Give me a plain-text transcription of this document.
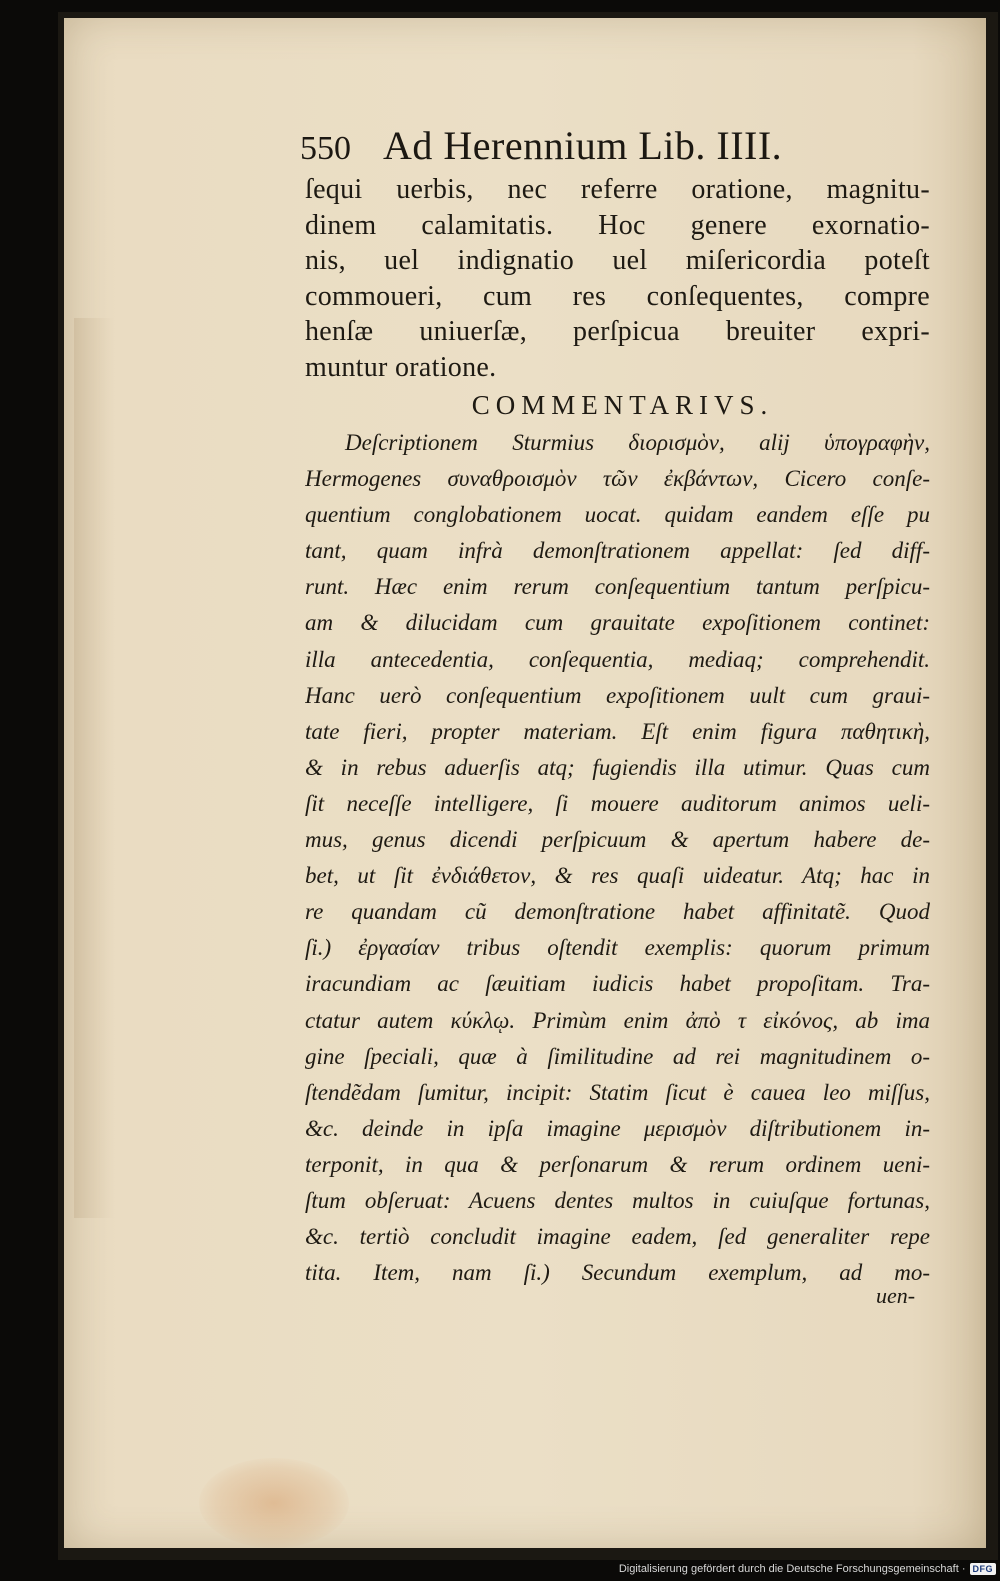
550 Ad Herennium Lib. IIII.
ſequi uerbis, nec referre oratione, magnitu-
dinem calamitatis. Hoc genere exornatio-
nis, uel indignatio uel miſericordia poteſt
commoueri, cum res conſequentes, compre
henſæ uniuerſæ, perſpicua breuiter expri-
muntur oratione.
COMMENTARIVS.
Deſcriptionem Sturmius διορισμὸν, alij ὑπογραφὴν,
Hermogenes συναθροισμὸν τῶν ἐκβάντων, Cicero conſe-
quentium conglobationem uocat. quidam eandem eſſe pu
tant, quam infrà demonſtrationem appellat: ſed diff-
runt. Hæc enim rerum conſequentium tantum perſpicu-
am & dilucidam cum grauitate expoſitionem continet:
illa antecedentia, conſequentia, mediaq; comprehendit.
Hanc uerò conſequentium expoſitionem uult cum graui-
tate fieri, propter materiam. Eſt enim figura παθητικὴ,
& in rebus aduerſis atq; fugiendis illa utimur. Quas cum
ſit neceſſe intelligere, ſi mouere auditorum animos ueli-
mus, genus dicendi perſpicuum & apertum habere de-
bet, ut ſit ἐνδιάθετον, & res quaſi uideatur. Atq; hac in
re quandam cũ demonſtratione habet affinitatẽ. Quod
ſi.) ἐργασίαν tribus oſtendit exemplis: quorum primum
iracundiam ac ſæuitiam iudicis habet propoſitam. Tra-
ctatur autem κύκλῳ. Primùm enim ἀπὸ τ εἰκόνος, ab ima
gine ſpeciali, quæ à ſimilitudine ad rei magnitudinem o-
ſtendẽdam ſumitur, incipit: Statim ſicut è cauea leo miſſus,
&c. deinde in ipſa imagine μερισμὸν diſtributionem in-
terponit, in qua & perſonarum & rerum ordinem ueni-
ſtum obſeruat: Acuens dentes multos in cuiuſque fortunas,
&c. tertiò concludit imagine eadem, ſed generaliter repe
tita. Item, nam ſi.) Secundum exemplum, ad mo-
uen-
Digitalisierung gefördert durch die Deutsche Forschungsgemeinschaft · DFG
